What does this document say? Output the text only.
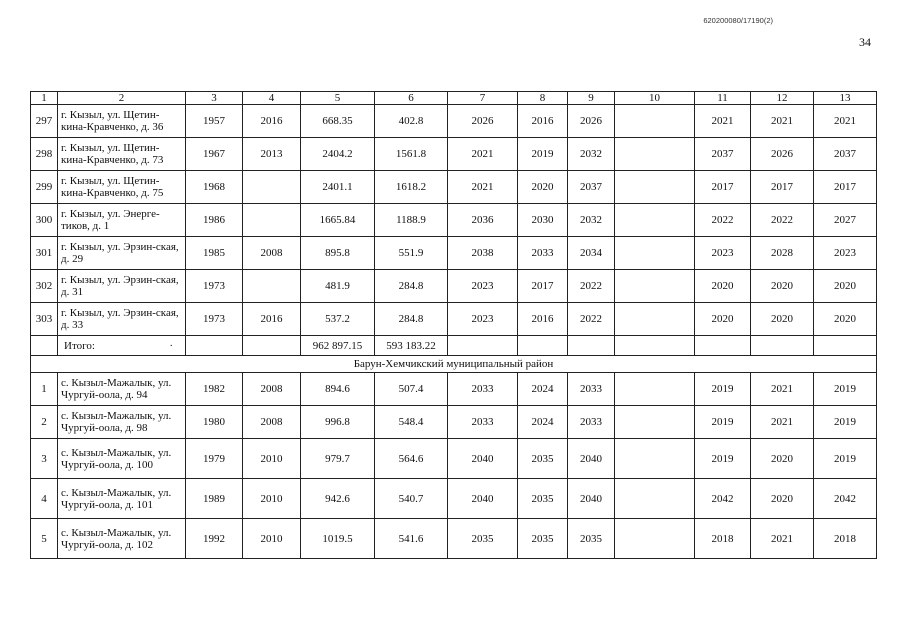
620200080/17190(2)
34
1	2	3	4	5	6	7	8	9	10	11	12	13
297	г. Кызыл, ул. Щетин-кина-Кравченко, д. 36	1957	2016	668.35	402.8	2026	2016	2026		2021	2021	2021
298	г. Кызыл, ул. Щетин-кина-Кравченко, д. 73	1967	2013	2404.2	1561.8	2021	2019	2032		2037	2026	2037
299	г. Кызыл, ул. Щетин-кина-Кравченко, д. 75	1968		2401.1	1618.2	2021	2020	2037		2017	2017	2017
300	г. Кызыл, ул. Энерге-тиков, д. 1	1986		1665.84	1188.9	2036	2030	2032		2022	2022	2027
301	г. Кызыл, ул. Эрзин-ская, д. 29	1985	2008	895.8	551.9	2038	2033	2034		2023	2028	2023
302	г. Кызыл, ул. Эрзин-ская, д. 31	1973		481.9	284.8	2023	2017	2022		2020	2020	2020
303	г. Кызыл, ул. Эрзин-ская, д. 33	1973	2016	537.2	284.8	2023	2016	2022		2020	2020	2020
	Итого: ·			962 897.15	593 183.22							
Барун-Хемчикский муниципальный район												
1	с. Кызыл-Мажалык, ул. Чургуй-оола, д. 94	1982	2008	894.6	507.4	2033	2024	2033		2019	2021	2019
2	с. Кызыл-Мажалык, ул. Чургуй-оола, д. 98	1980	2008	996.8	548.4	2033	2024	2033		2019	2021	2019
3	с. Кызыл-Мажалык, ул. Чургуй-оола, д. 100	1979	2010	979.7	564.6	2040	2035	2040		2019	2020	2019
4	с. Кызыл-Мажалык, ул. Чургуй-оола, д. 101	1989	2010	942.6	540.7	2040	2035	2040		2042	2020	2042
5	с. Кызыл-Мажалык, ул. Чургуй-оола, д. 102	1992	2010	1019.5	541.6	2035	2035	2035		2018	2021	2018
